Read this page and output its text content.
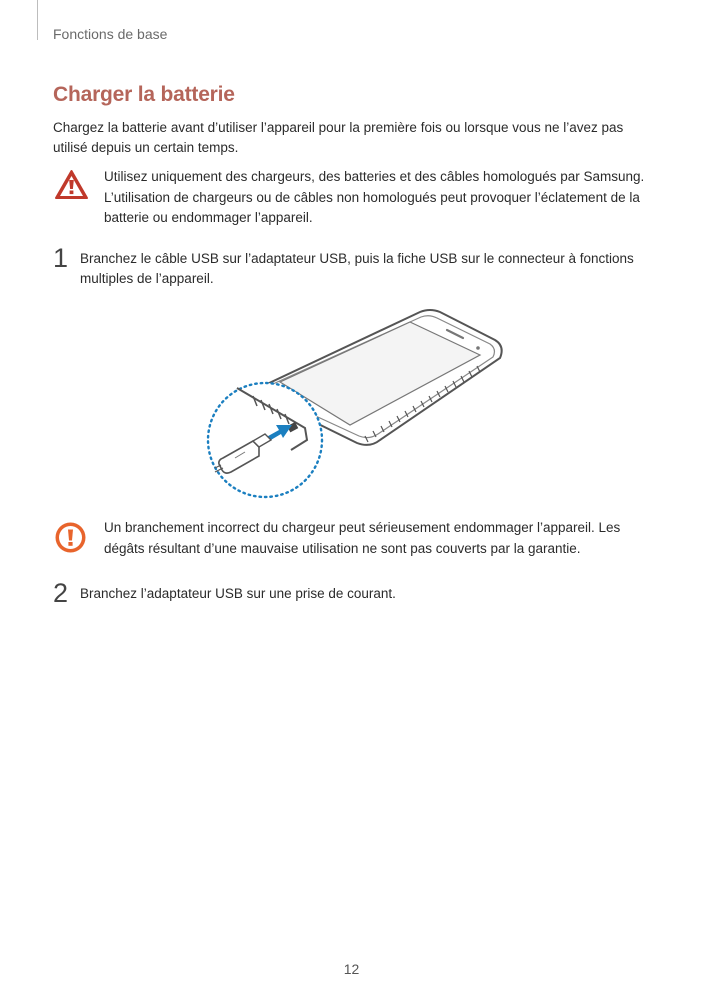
Fonctions de base
Charger la batterie

Chargez la batterie avant d’utiliser l’appareil pour la première fois ou lorsque vous ne l’avez pas utilisé depuis un certain temps.

Utilisez uniquement des chargeurs, des batteries et des câbles homologués par Samsung. L’utilisation de chargeurs ou de câbles non homologués peut provoquer l’éclatement de la batterie ou endommager l’appareil.

1 Branchez le câble USB sur l’adaptateur USB, puis la fiche USB sur le connecteur à fonctions multiples de l’appareil.

Un branchement incorrect du chargeur peut sérieusement endommager l’appareil. Les dégâts résultant d’une mauvaise utilisation ne sont pas couverts par la garantie.

2 Branchez l’adaptateur USB sur une prise de courant.

12
